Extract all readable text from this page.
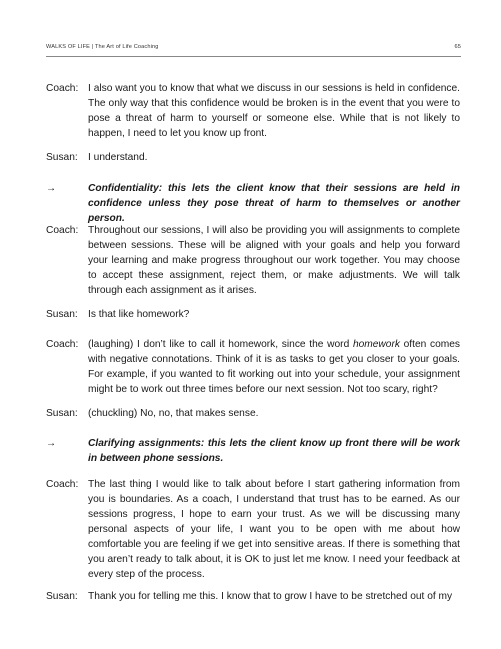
WALKS OF LIFE | The Art of Life Coaching	65
Coach: I also want you to know that what we discuss in our sessions is held in confidence. The only way that this confidence would be broken is in the event that you were to pose a threat of harm to yourself or someone else. While that is not likely to happen, I need to let you know up front.
Susan:	I understand.
→	Confidentiality: this lets the client know that their sessions are held in confidence unless they pose threat of harm to themselves or another person.
Coach: Throughout our sessions, I will also be providing you will assignments to complete between sessions. These will be aligned with your goals and help you forward your learning and make progress throughout our work together. You may choose to accept these assignment, reject them, or make adjustments. We will talk through each assignment as it arises.
Susan:	Is that like homework?
Coach: (laughing) I don’t like to call it homework, since the word homework often comes with negative connotations. Think of it is as tasks to get you closer to your goals. For example, if you wanted to fit working out into your schedule, your assignment might be to work out three times before our next session. Not too scary, right?
Susan:	(chuckling) No, no, that makes sense.
→	Clarifying assignments: this lets the client know up front there will be work in between phone sessions.
Coach: The last thing I would like to talk about before I start gathering information from you is boundaries. As a coach, I understand that trust has to be earned. As our sessions progress, I hope to earn your trust. As we will be discussing many personal aspects of your life, I want you to be open with me about how comfortable you are feeling if we get into sensitive areas. If there is something that you aren’t ready to talk about, it is OK to just let me know. I need your feedback at every step of the process.
Susan:	Thank you for telling me this. I know that to grow I have to be stretched out of my
